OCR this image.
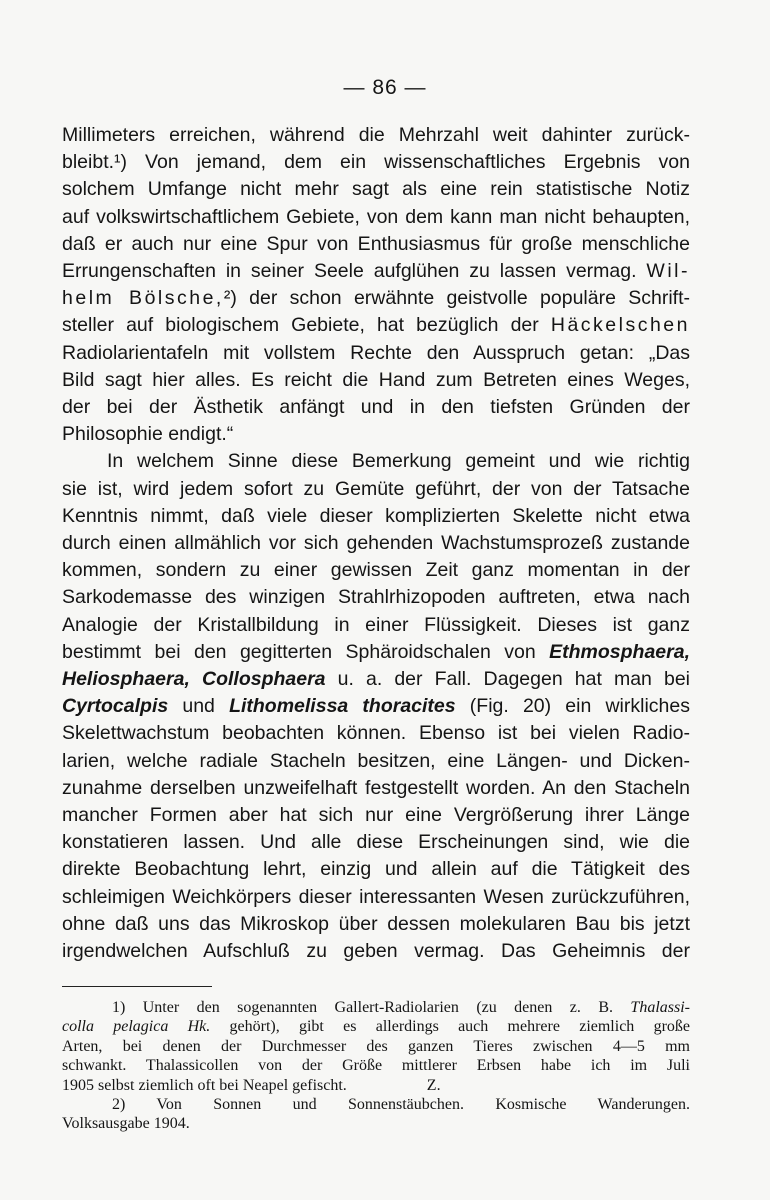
— 86 —
Millimeters erreichen, während die Mehrzahl weit dahinter zurück-
bleibt.¹) Von jemand, dem ein wissenschaftliches Ergebnis von
solchem Umfange nicht mehr sagt als eine rein statistische Notiz
auf volkswirtschaftlichem Gebiete, von dem kann man nicht behaupten,
daß er auch nur eine Spur von Enthusiasmus für große menschliche
Errungenschaften in seiner Seele aufglühen zu lassen vermag. Wil-
helm Bölsche,²) der schon erwähnte geistvolle populäre Schrift-
steller auf biologischem Gebiete, hat bezüglich der Häckelschen
Radiolarientafeln mit vollstem Rechte den Ausspruch getan: „Das
Bild sagt hier alles. Es reicht die Hand zum Betreten eines Weges,
der bei der Ästhetik anfängt und in den tiefsten Gründen der
Philosophie endigt.“
In welchem Sinne diese Bemerkung gemeint und wie richtig
sie ist, wird jedem sofort zu Gemüte geführt, der von der Tatsache
Kenntnis nimmt, daß viele dieser komplizierten Skelette nicht etwa
durch einen allmählich vor sich gehenden Wachstumsprozeß zustande
kommen, sondern zu einer gewissen Zeit ganz momentan in der
Sarkodemasse des winzigen Strahlrhizopoden auftreten, etwa nach
Analogie der Kristallbildung in einer Flüssigkeit. Dieses ist ganz
bestimmt bei den gegitterten Sphäroidschalen von Ethmosphaera,
Heliosphaera, Collosphaera u. a. der Fall. Dagegen hat man bei
Cyrtocalpis und Lithomelissa thoracites (Fig. 20) ein wirkliches
Skelettwachstum beobachten können. Ebenso ist bei vielen Radio-
larien, welche radiale Stacheln besitzen, eine Längen- und Dicken-
zunahme derselben unzweifelhaft festgestellt worden. An den Stacheln
mancher Formen aber hat sich nur eine Vergrößerung ihrer Länge
konstatieren lassen. Und alle diese Erscheinungen sind, wie die
direkte Beobachtung lehrt, einzig und allein auf die Tätigkeit des
schleimigen Weichkörpers dieser interessanten Wesen zurückzuführen,
ohne daß uns das Mikroskop über dessen molekularen Bau bis jetzt
irgendwelchen Aufschluß zu geben vermag. Das Geheimnis der
1) Unter den sogenannten Gallert-Radiolarien (zu denen z. B. Thalassi-
colla pelagica Hk. gehört), gibt es allerdings auch mehrere ziemlich große
Arten, bei denen der Durchmesser des ganzen Tieres zwischen 4—5 mm
schwankt. Thalassicollen von der Größe mittlerer Erbsen habe ich im Juli
1905 selbst ziemlich oft bei Neapel gefischt.                    Z.
2) Von Sonnen und Sonnenstäubchen. Kosmische Wanderungen.
Volksausgabe 1904.
